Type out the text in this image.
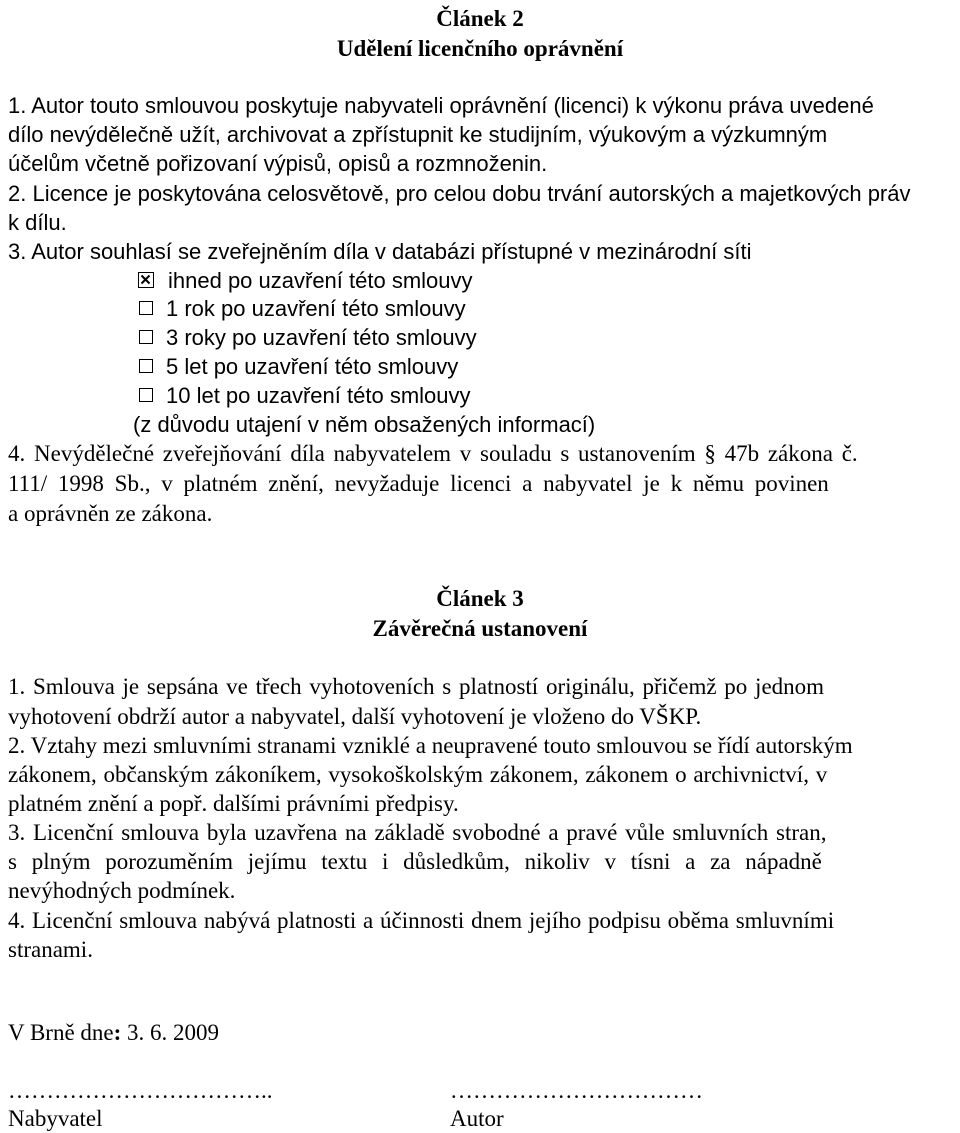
Článek 2
Udělení licenčního oprávnění
1. Autor touto smlouvou poskytuje nabyvateli oprávnění (licenci) k výkonu práva uvedené
dílo nevýdělečně užít, archivovat a zpřístupnit ke studijním, výukovým a výzkumným
účelům včetně pořizovaní výpisů, opisů a rozmnoženin.
2. Licence je poskytována celosvětově, pro celou dobu trvání autorských a majetkových práv
k dílu.
3. Autor souhlasí se zveřejněním díla v databázi přístupné v mezinárodní síti
ihned po uzavření této smlouvy
1 rok po uzavření této smlouvy
3 roky po uzavření této smlouvy
5 let po uzavření této smlouvy
10 let po uzavření této smlouvy
(z důvodu utajení v něm obsažených informací)
4. Nevýdělečné zveřejňování díla nabyvatelem v souladu s ustanovením § 47b zákona č.
111/ 1998 Sb., v platném znění, nevyžaduje licenci a nabyvatel je k němu povinen
a oprávněn ze zákona.
Článek 3
Závěrečná ustanovení
1. Smlouva je sepsána ve třech vyhotoveních s platností originálu, přičemž po jednom
vyhotovení obdrží autor a nabyvatel, další vyhotovení je vloženo do VŠKP.
2. Vztahy mezi smluvními stranami vzniklé a neupravené touto smlouvou se řídí autorským
zákonem, občanským zákoníkem, vysokoškolským zákonem, zákonem o archivnictví, v
platném znění a popř. dalšími právními předpisy.
3. Licenční smlouva byla uzavřena na základě svobodné a pravé vůle smluvních stran,
s plným porozuměním jejímu textu i důsledkům, nikoliv v tísni a za nápadně
nevýhodných podmínek.
4. Licenční smlouva nabývá platnosti a účinnosti dnem jejího podpisu oběma smluvními
stranami.
V Brně dne: 3. 6. 2009
……………………………..	……………………………
Nabyvatel	Autor
